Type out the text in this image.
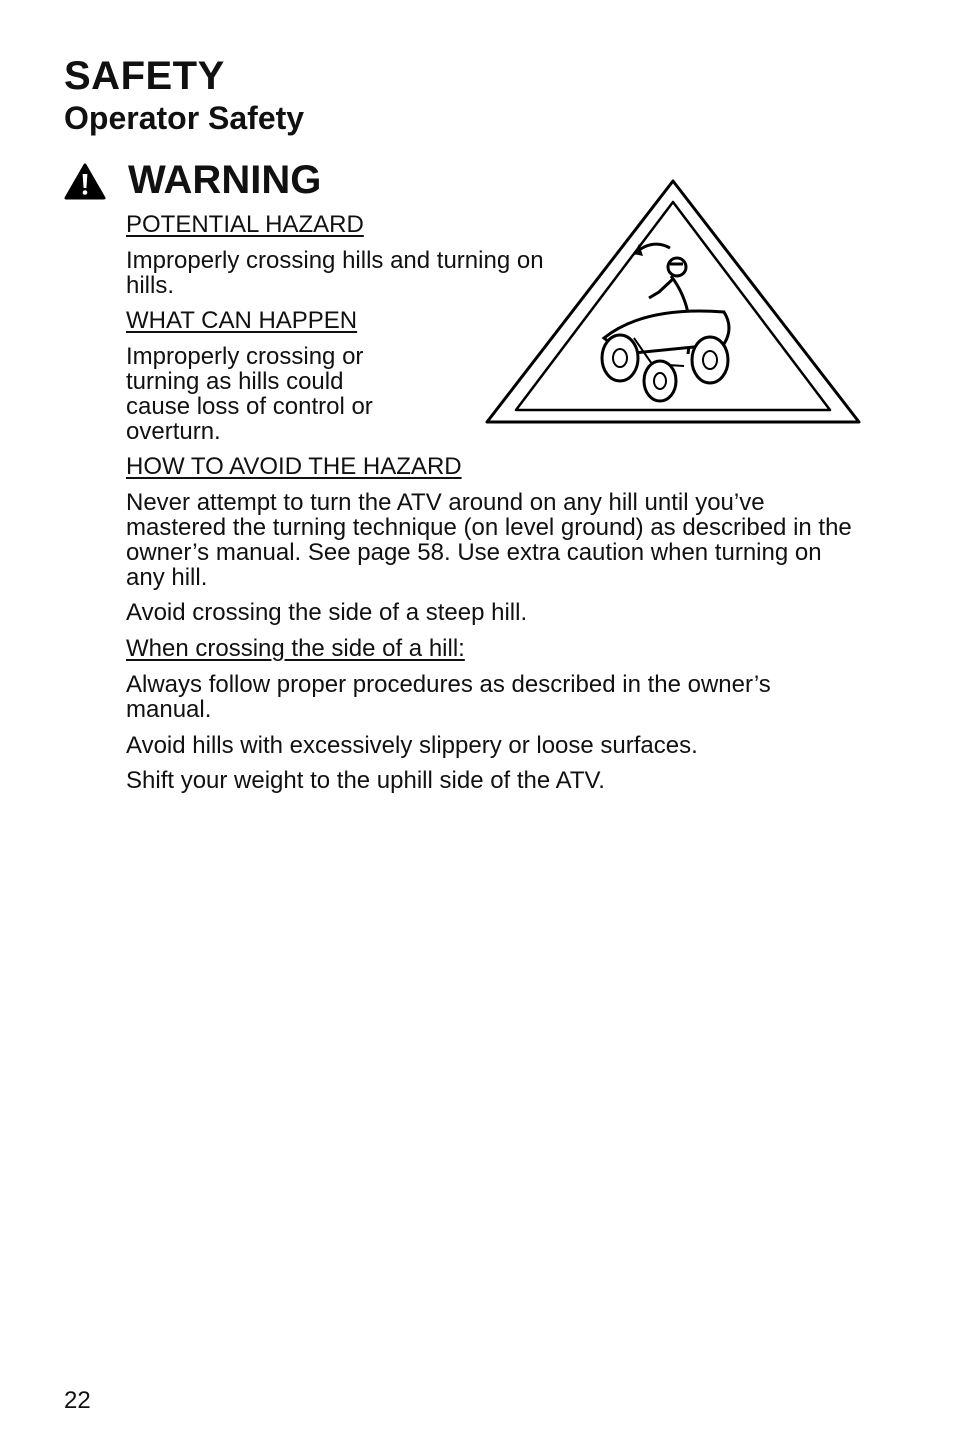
SAFETY
Operator Safety
WARNING

POTENTIAL HAZARD

Improperly crossing hills and turning on hills.

WHAT CAN HAPPEN

Improperly crossing or turning as hills could cause loss of control or overturn.

HOW TO AVOID THE HAZARD

Never attempt to turn the ATV around on any hill until you’ve mastered the turning technique (on level ground) as described in the owner’s manual. See page 58. Use extra caution when turning on any hill.

Avoid crossing the side of a steep hill.

When crossing the side of a hill:

Always follow proper procedures as described in the owner’s manual.

Avoid hills with excessively slippery or loose surfaces.

Shift your weight to the uphill side of the ATV.

22
